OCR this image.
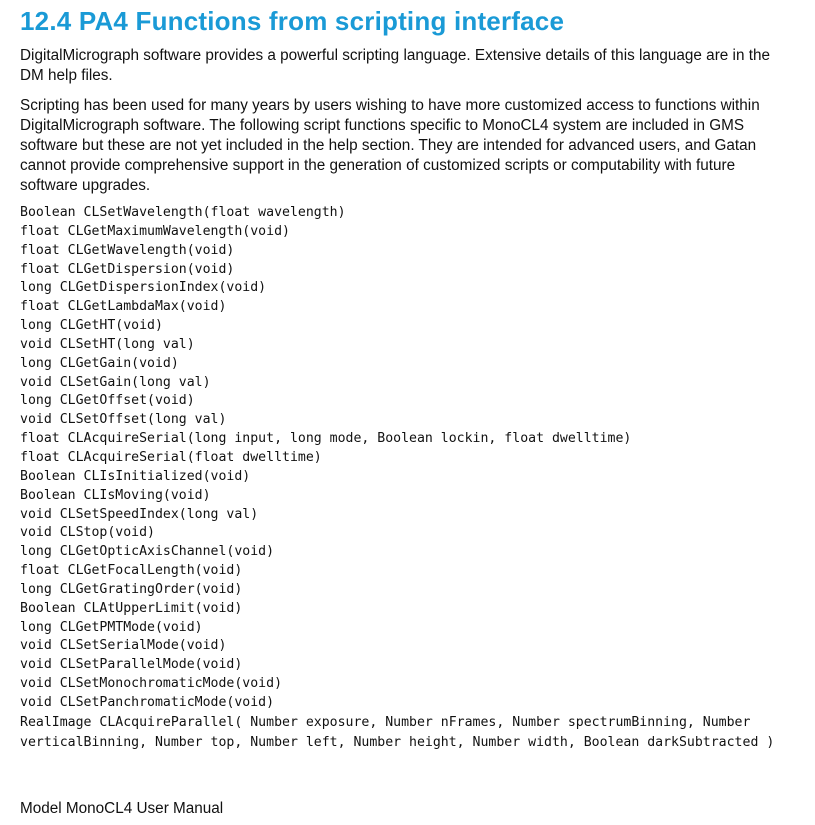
12.4 PA4 Functions from scripting interface

DigitalMicrograph software provides a powerful scripting language. Extensive details of this language are in the DM help files.

Scripting has been used for many years by users wishing to have more customized access to functions within DigitalMicrograph software. The following script functions specific to MonoCL4 system are included in GMS software but these are not yet included in the help section. They are intended for advanced users, and Gatan cannot provide comprehensive support in the generation of customized scripts or computability with future software upgrades.

Boolean CLSetWavelength(float wavelength)
float CLGetMaximumWavelength(void)
float CLGetWavelength(void)
float CLGetDispersion(void)
long CLGetDispersionIndex(void)
float CLGetLambdaMax(void)
long CLGetHT(void)
void CLSetHT(long val)
long CLGetGain(void)
void CLSetGain(long val)
long CLGetOffset(void)
void CLSetOffset(long val)
float CLAcquireSerial(long input, long mode, Boolean lockin, float dwelltime)
float CLAcquireSerial(float dwelltime)
Boolean CLIsInitialized(void)
Boolean CLIsMoving(void)
void CLSetSpeedIndex(long val)
void CLStop(void)
long CLGetOpticAxisChannel(void)
float CLGetFocalLength(void)
long CLGetGratingOrder(void)
Boolean CLAtUpperLimit(void)
long CLGetPMTMode(void)
void CLSetSerialMode(void)
void CLSetParallelMode(void)
void CLSetMonochromaticMode(void)
void CLSetPanchromaticMode(void)
RealImage CLAcquireParallel( Number exposure, Number nFrames, Number spectrumBinning, Number verticalBinning, Number top, Number left, Number height, Number width, Boolean darkSubtracted )
Model MonoCL4 User Manual
